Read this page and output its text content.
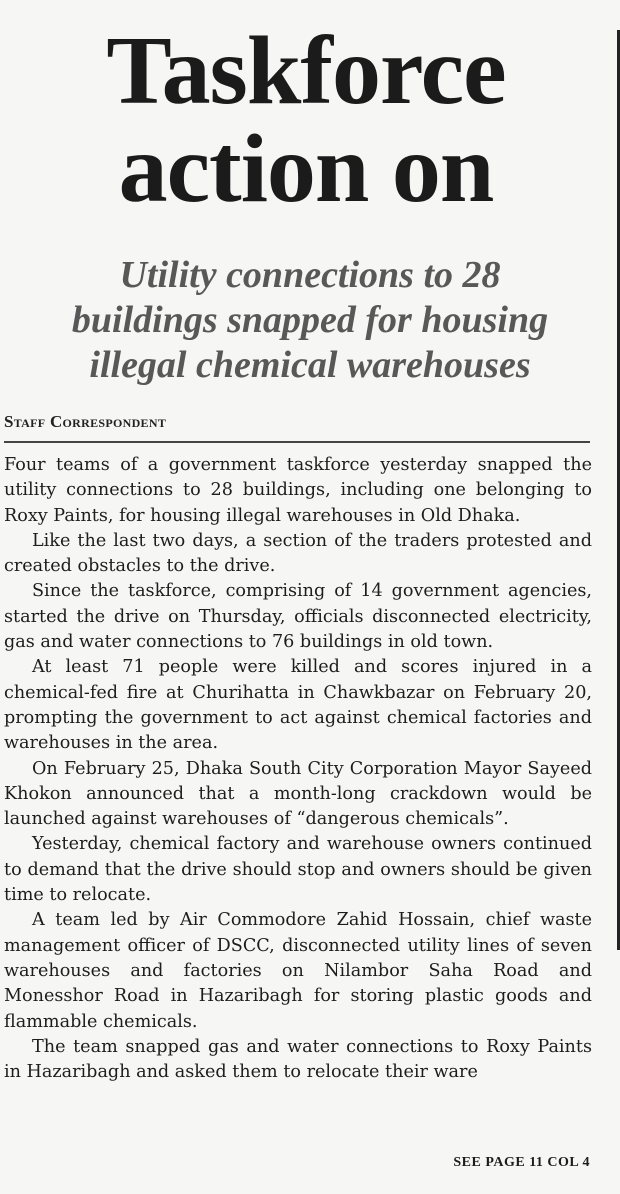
Taskforce
action on
Utility connections to 28
buildings snapped for housing
illegal chemical warehouses
Staff Correspondent

Four teams of a government taskforce yesterday snapped the utility connections to 28 buildings, including one belonging to Roxy Paints, for housing illegal warehouses in Old Dhaka.

Like the last two days, a section of the traders protested and created obstacles to the drive.

Since the taskforce, comprising of 14 government agencies, started the drive on Thursday, officials disconnected electricity, gas and water connections to 76 buildings in old town.

At least 71 people were killed and scores injured in a chemical-fed fire at Churihatta in Chawkbazar on February 20, prompting the government to act against chemical factories and warehouses in the area.

On February 25, Dhaka South City Corporation Mayor Sayeed Khokon announced that a month-long crackdown would be launched against warehouses of “dangerous chemicals”.

Yesterday, chemical factory and warehouse owners continued to demand that the drive should stop and owners should be given time to relocate.

A team led by Air Commodore Zahid Hossain, chief waste management officer of DSCC, disconnected utility lines of seven warehouses and factories on Nilambor Saha Road and Monesshor Road in Hazaribagh for storing plastic goods and flammable chemicals.

The team snapped gas and water connections to Roxy Paints in Hazaribagh and asked them to relocate their ware

SEE PAGE 11 COL 4
